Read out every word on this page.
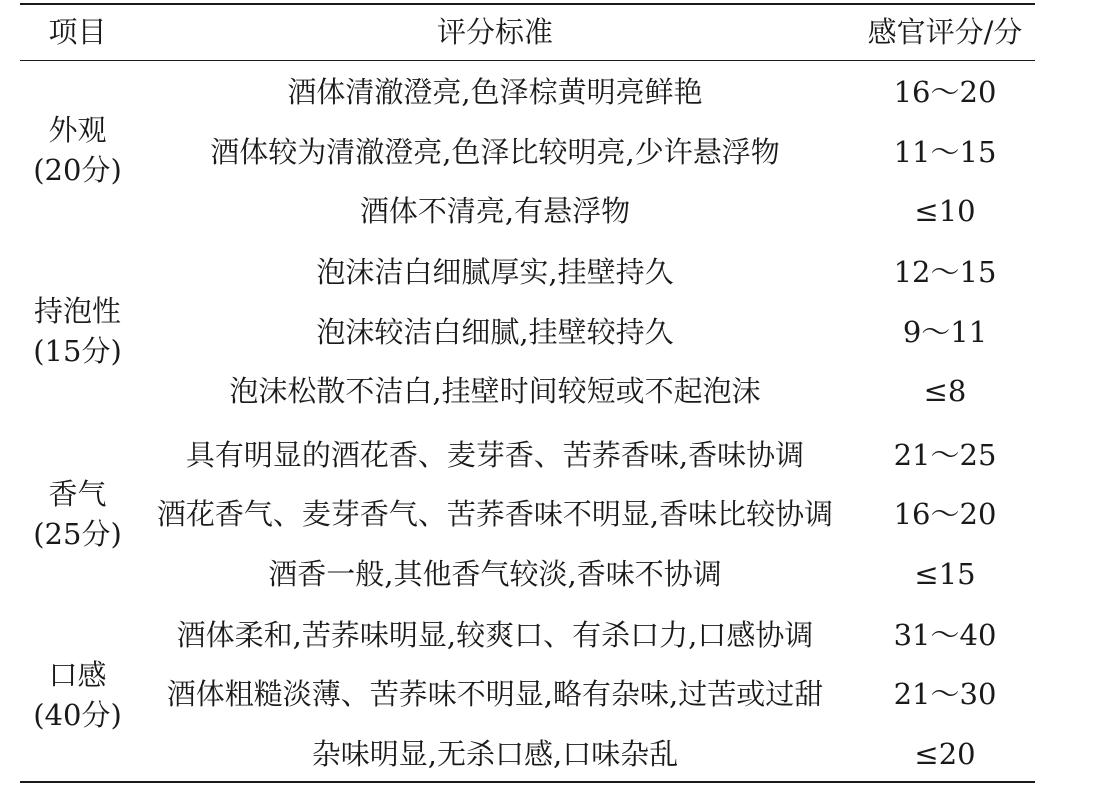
项目	评分标准	感官评分/分
外观
(20分)
酒体清澈澄亮,色泽棕黄明亮鲜艳	16～20
酒体较为清澈澄亮,色泽比较明亮,少许悬浮物	11～15
酒体不清亮,有悬浮物	≤10
持泡性
(15分)
泡沫洁白细腻厚实,挂壁持久	12～15
泡沫较洁白细腻,挂壁较持久	9～11
泡沫松散不洁白,挂壁时间较短或不起泡沫	≤8
香气
(25分)
具有明显的酒花香、麦芽香、苦荞香味,香味协调	21～25
酒花香气、麦芽香气、苦荞香味不明显,香味比较协调	16～20
酒香一般,其他香气较淡,香味不协调	≤15
口感
(40分)
酒体柔和,苦荞味明显,较爽口、有杀口力,口感协调	31～40
酒体粗糙淡薄、苦荞味不明显,略有杂味,过苦或过甜	21～30
杂味明显,无杀口感,口味杂乱	≤20
